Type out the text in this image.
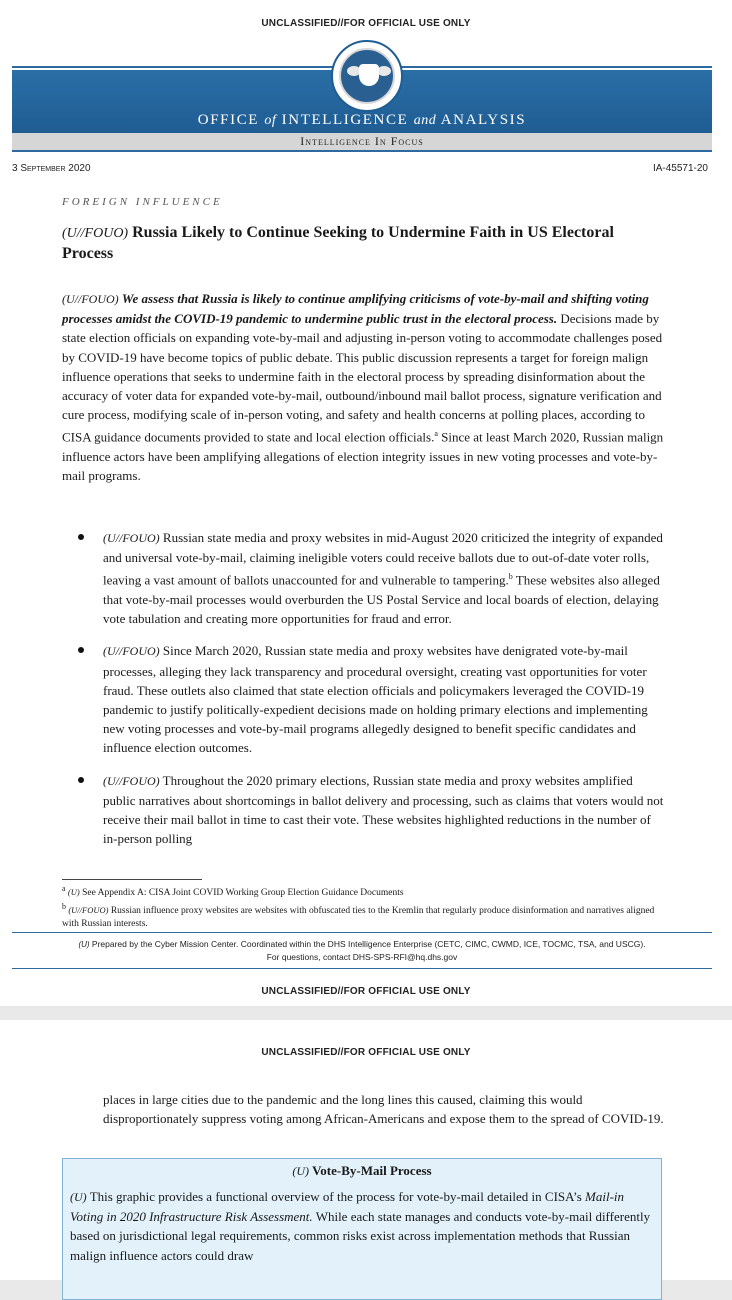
UNCLASSIFIED//FOR OFFICIAL USE ONLY
OFFICE of INTELLIGENCE and ANALYSIS
Intelligence In Focus
3 September 2020	IA-45571-20
FOREIGN INFLUENCE
(U//FOUO) Russia Likely to Continue Seeking to Undermine Faith in US Electoral Process
(U//FOUO) We assess that Russia is likely to continue amplifying criticisms of vote-by-mail and shifting voting processes amidst the COVID-19 pandemic to undermine public trust in the electoral process. Decisions made by state election officials on expanding vote-by-mail and adjusting in-person voting to accommodate challenges posed by COVID-19 have become topics of public debate. This public discussion represents a target for foreign malign influence operations that seeks to undermine faith in the electoral process by spreading disinformation about the accuracy of voter data for expanded vote-by-mail, outbound/inbound mail ballot process, signature verification and cure process, modifying scale of in-person voting, and safety and health concerns at polling places, according to CISA guidance documents provided to state and local election officials.$^a$ Since at least March 2020, Russian malign influence actors have been amplifying allegations of election integrity issues in new voting processes and vote-by-mail programs.
(U//FOUO) Russian state media and proxy websites in mid-August 2020 criticized the integrity of expanded and universal vote-by-mail, claiming ineligible voters could receive ballots due to out-of-date voter rolls, leaving a vast amount of ballots unaccounted for and vulnerable to tampering.$^b$ These websites also alleged that vote-by-mail processes would overburden the US Postal Service and local boards of election, delaying vote tabulation and creating more opportunities for fraud and error.
(U//FOUO) Since March 2020, Russian state media and proxy websites have denigrated vote-by-mail processes, alleging they lack transparency and procedural oversight, creating vast opportunities for voter fraud. These outlets also claimed that state election officials and policymakers leveraged the COVID-19 pandemic to justify politically-expedient decisions made on holding primary elections and implementing new voting processes and vote-by-mail programs allegedly designed to benefit specific candidates and influence election outcomes.
(U//FOUO) Throughout the 2020 primary elections, Russian state media and proxy websites amplified public narratives about shortcomings in ballot delivery and processing, such as claims that voters would not receive their mail ballot in time to cast their vote. These websites highlighted reductions in the number of in-person polling
$^a$ (U) See Appendix A: CISA Joint COVID Working Group Election Guidance Documents
$^b$ (U//FOUO) Russian influence proxy websites are websites with obfuscated ties to the Kremlin that regularly produce disinformation and narratives aligned with Russian interests.
(U) Prepared by the Cyber Mission Center. Coordinated within the DHS Intelligence Enterprise (CETC, CIMC, CWMD, ICE, TOCMC, TSA, and USCG).
For questions, contact DHS-SPS-RFI@hq.dhs.gov
UNCLASSIFIED//FOR OFFICIAL USE ONLY
UNCLASSIFIED//FOR OFFICIAL USE ONLY
places in large cities due to the pandemic and the long lines this caused, claiming this would disproportionately suppress voting among African-Americans and expose them to the spread of COVID-19.
(U) Vote-By-Mail Process
(U) This graphic provides a functional overview of the process for vote-by-mail detailed in CISA’s Mail-in Voting in 2020 Infrastructure Risk Assessment. While each state manages and conducts vote-by-mail differently based on jurisdictional legal requirements, common risks exist across implementation methods that Russian malign influence actors could draw
